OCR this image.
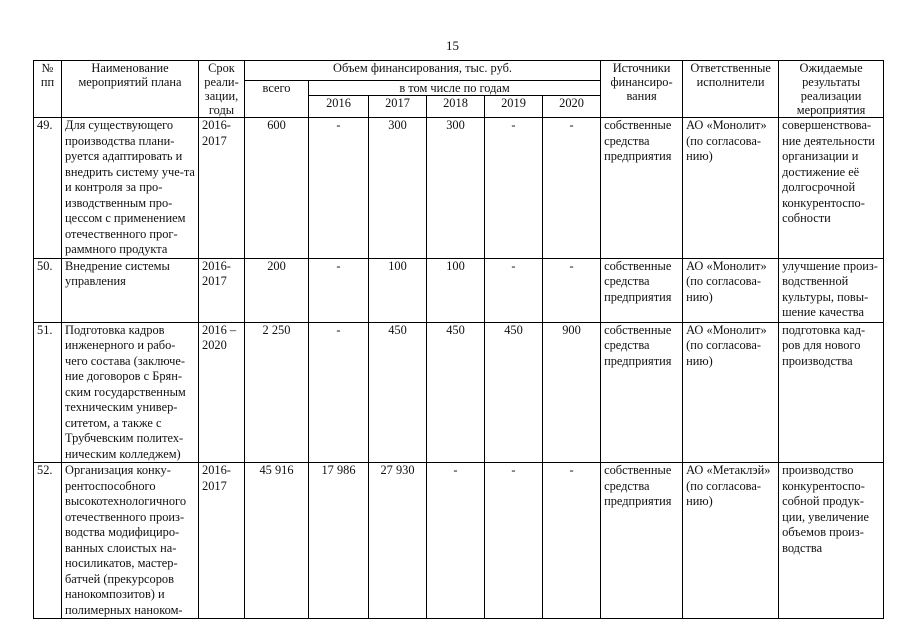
15
№ пп	Наименование мероприятий плана	Срок реали-зации, годы	Объем финансирования, тыс. руб.						Источники финансиро-вания	Ответственные исполнители	Ожидаемые результаты реализации мероприятия
			всего	в том числе по годам							
				2016	2017	2018	2019	2020			
49.	Для существующего производства плани-руется адаптировать и внедрить систему уче-та и контроля за про-изводственным про-цессом с применением отечественного прог-раммного продукта	2016-2017	600	-	300	300	-	-	собственные средства предприятия	АО «Монолит» (по согласова-нию)	совершенствова-ние деятельности организации и достижение её долгосрочной конкурентоспо-собности
50.	Внедрение системы управления	2016-2017	200	-	100	100	-	-	собственные средства предприятия	АО «Монолит» (по согласова-нию)	улучшение произ-водственной культуры, повы-шение качества
51.	Подготовка кадров инженерного и рабо-чего состава (заключе-ние договоров с Брян-ским государственным техническим универ-ситетом, а также с Трубчевским политех-ническим колледжем)	2016 – 2020	2 250	-	450	450	450	900	собственные средства предприятия	АО «Монолит» (по согласова-нию)	подготовка кад-ров для нового производства
52.	Организация конку-рентоспособного высокотехнологичного отечественного произ-водства модифициро-ванных слоистых на-носиликатов, мастер-батчей (прекурсоров нанокомпозитов) и полимерных нанoком-	2016-2017	45 916	17 986	27 930	-	-	-	собственные средства предприятия	АО «Метаклэй» (по согласова-нию)	производство конкурентоспо-собной продук-ции, увеличение объемов произ-водства
